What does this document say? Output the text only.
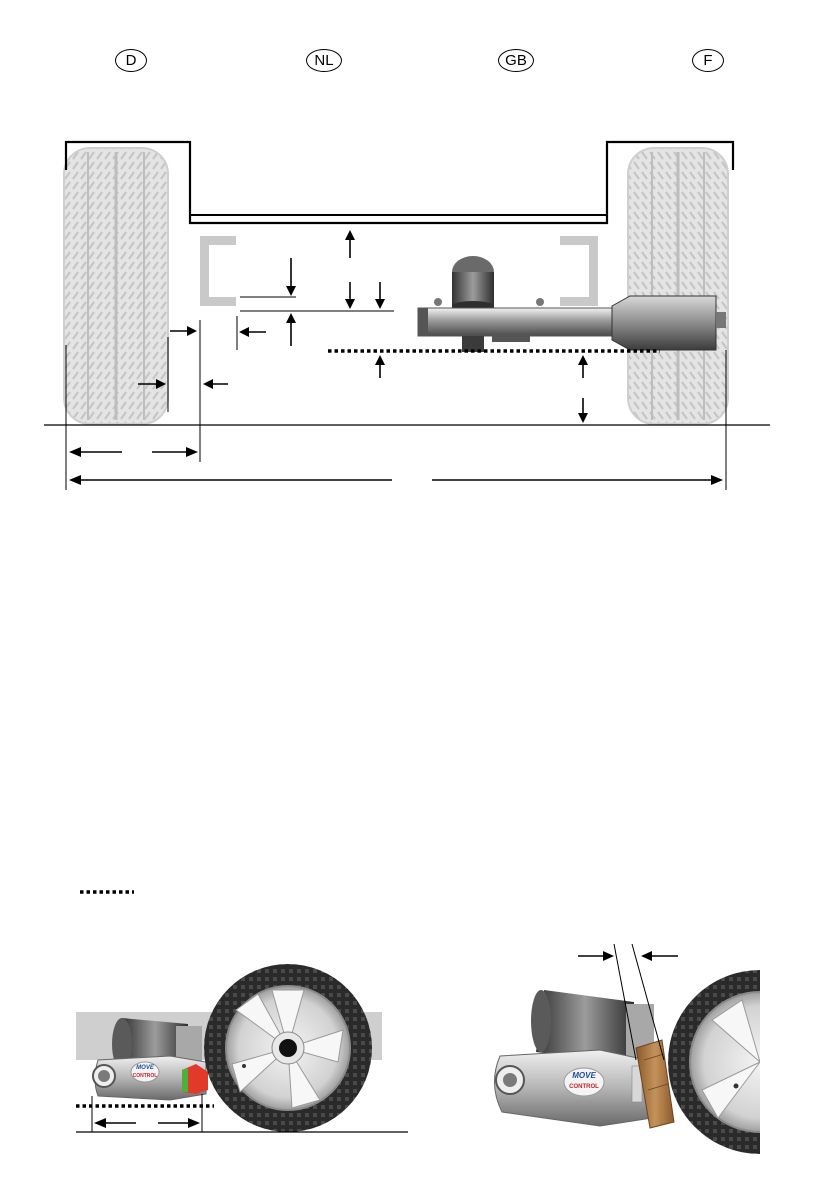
D	NL	GB	F
MOVE
CONTROL	MOVE
CONTROL
